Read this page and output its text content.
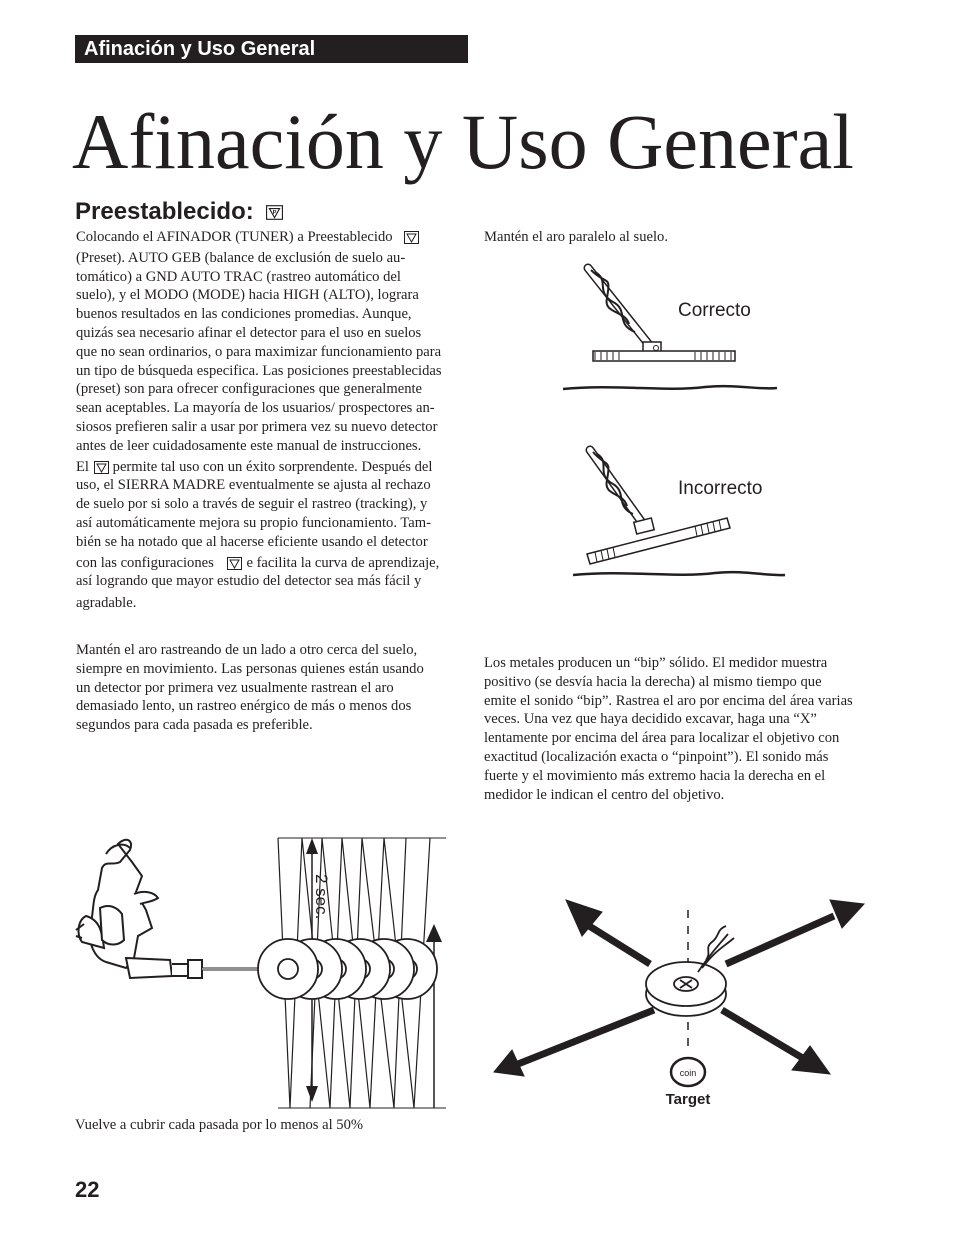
Afinación y Uso General
Afinación y Uso General
Preestablecido:	P
Colocando el AFINADOR (TUNER) a Preestablecido
(Preset). AUTO GEB (balance de exclusión de suelo au-
tomático) a GND AUTO TRAC (rastreo automático del
suelo), y el MODO (MODE) hacia HIGH (ALTO), lograra
buenos resultados en las condiciones promedias. Aunque,
quizás sea necesario afinar el detector para el uso en suelos
que no sean ordinarios, o para maximizar funcionamiento para
un tipo de búsqueda especifica. Las posiciones preestablecidas
(preset) son para ofrecer configuraciones que generalmente
sean aceptables. La mayoría de los usuarios/ prospectores an-
siosos prefieren salir a usar por primera vez su nuevo detector
antes de leer cuidadosamente este manual de instrucciones.
El permite tal uso con un éxito sorprendente. Después del
uso, el SIERRA MADRE eventualmente se ajusta al rechazo
de suelo por si solo a través de seguir el rastreo (tracking), y
así automáticamente mejora su propio funcionamiento. Tam-
bién se ha notado que al hacerse eficiente usando el detector
con las configuraciones e facilita la curva de aprendizaje,
así logrando que mayor estudio del detector sea más fácil y
agradable.
Mantén el aro rastreando de un lado a otro cerca del suelo,
siempre en movimiento. Las personas quienes están usando
un detector por primera vez usualmente rastrean el aro
demasiado lento, un rastreo enérgico de más o menos dos
segundos para cada pasada es preferible.
Mantén el aro paralelo al suelo.
Correcto
Incorrecto
Los metales producen un “bip” sólido. El medidor muestra
positivo (se desvía hacia la derecha) al mismo tiempo que
emite el sonido “bip”. Rastrea el aro por encima del área varias
veces. Una vez que haya decidido excavar, haga una “X”
lentamente por encima del área para localizar el objetivo con
exactitud (localización exacta o “pinpoint”). El sonido más
fuerte y el movimiento más extremo hacia la derecha en el
medidor le indican el centro del objetivo.
2 sec.
coin
Target
Vuelve a cubrir cada pasada por lo menos al 50%
22
